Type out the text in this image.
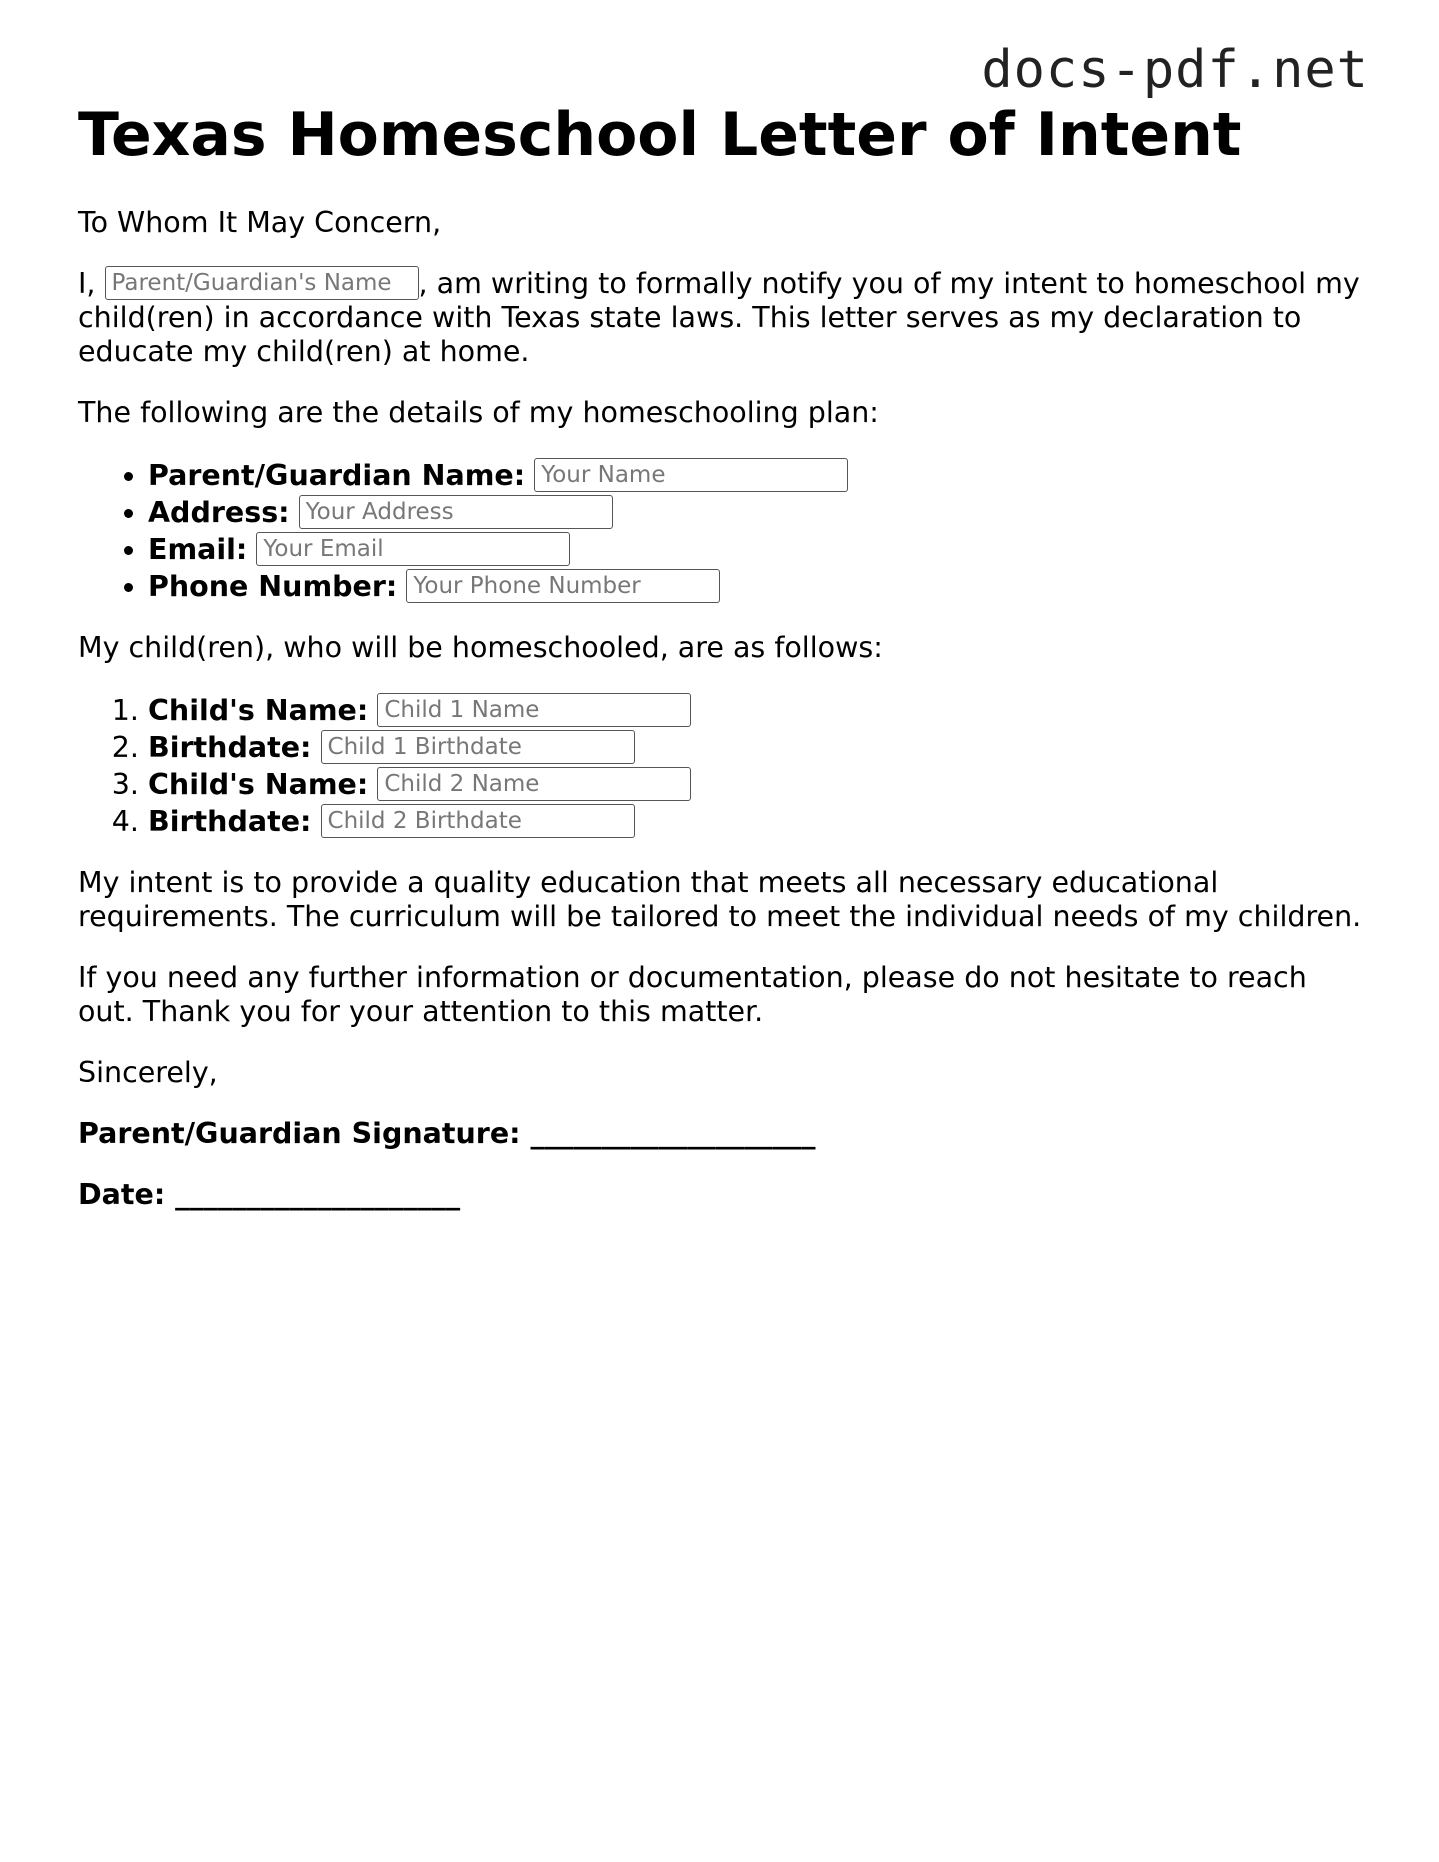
docs-pdf.net
Texas Homeschool Letter of Intent

To Whom It May Concern,

I, Parent/Guardian's Name	, am writing to formally notify you of my intent to homeschool my child(ren) in accordance with Texas state laws. This letter serves as my declaration to educate my child(ren) at home.

The following are the details of my homeschooling plan:

• Parent/Guardian Name: Your Name
• Address: Your Address
• Email: Your Email
• Phone Number: Your Phone Number

My child(ren), who will be homeschooled, are as follows:

1. Child's Name: Child 1 Name
2. Birthdate: Child 1 Birthdate
3. Child's Name: Child 2 Name
4. Birthdate: Child 2 Birthdate

My intent is to provide a quality education that meets all necessary educational requirements. The curriculum will be tailored to meet the individual needs of my children.

If you need any further information or documentation, please do not hesitate to reach out. Thank you for your attention to this matter.

Sincerely,

Parent/Guardian Signature: ____________________

Date: ____________________
